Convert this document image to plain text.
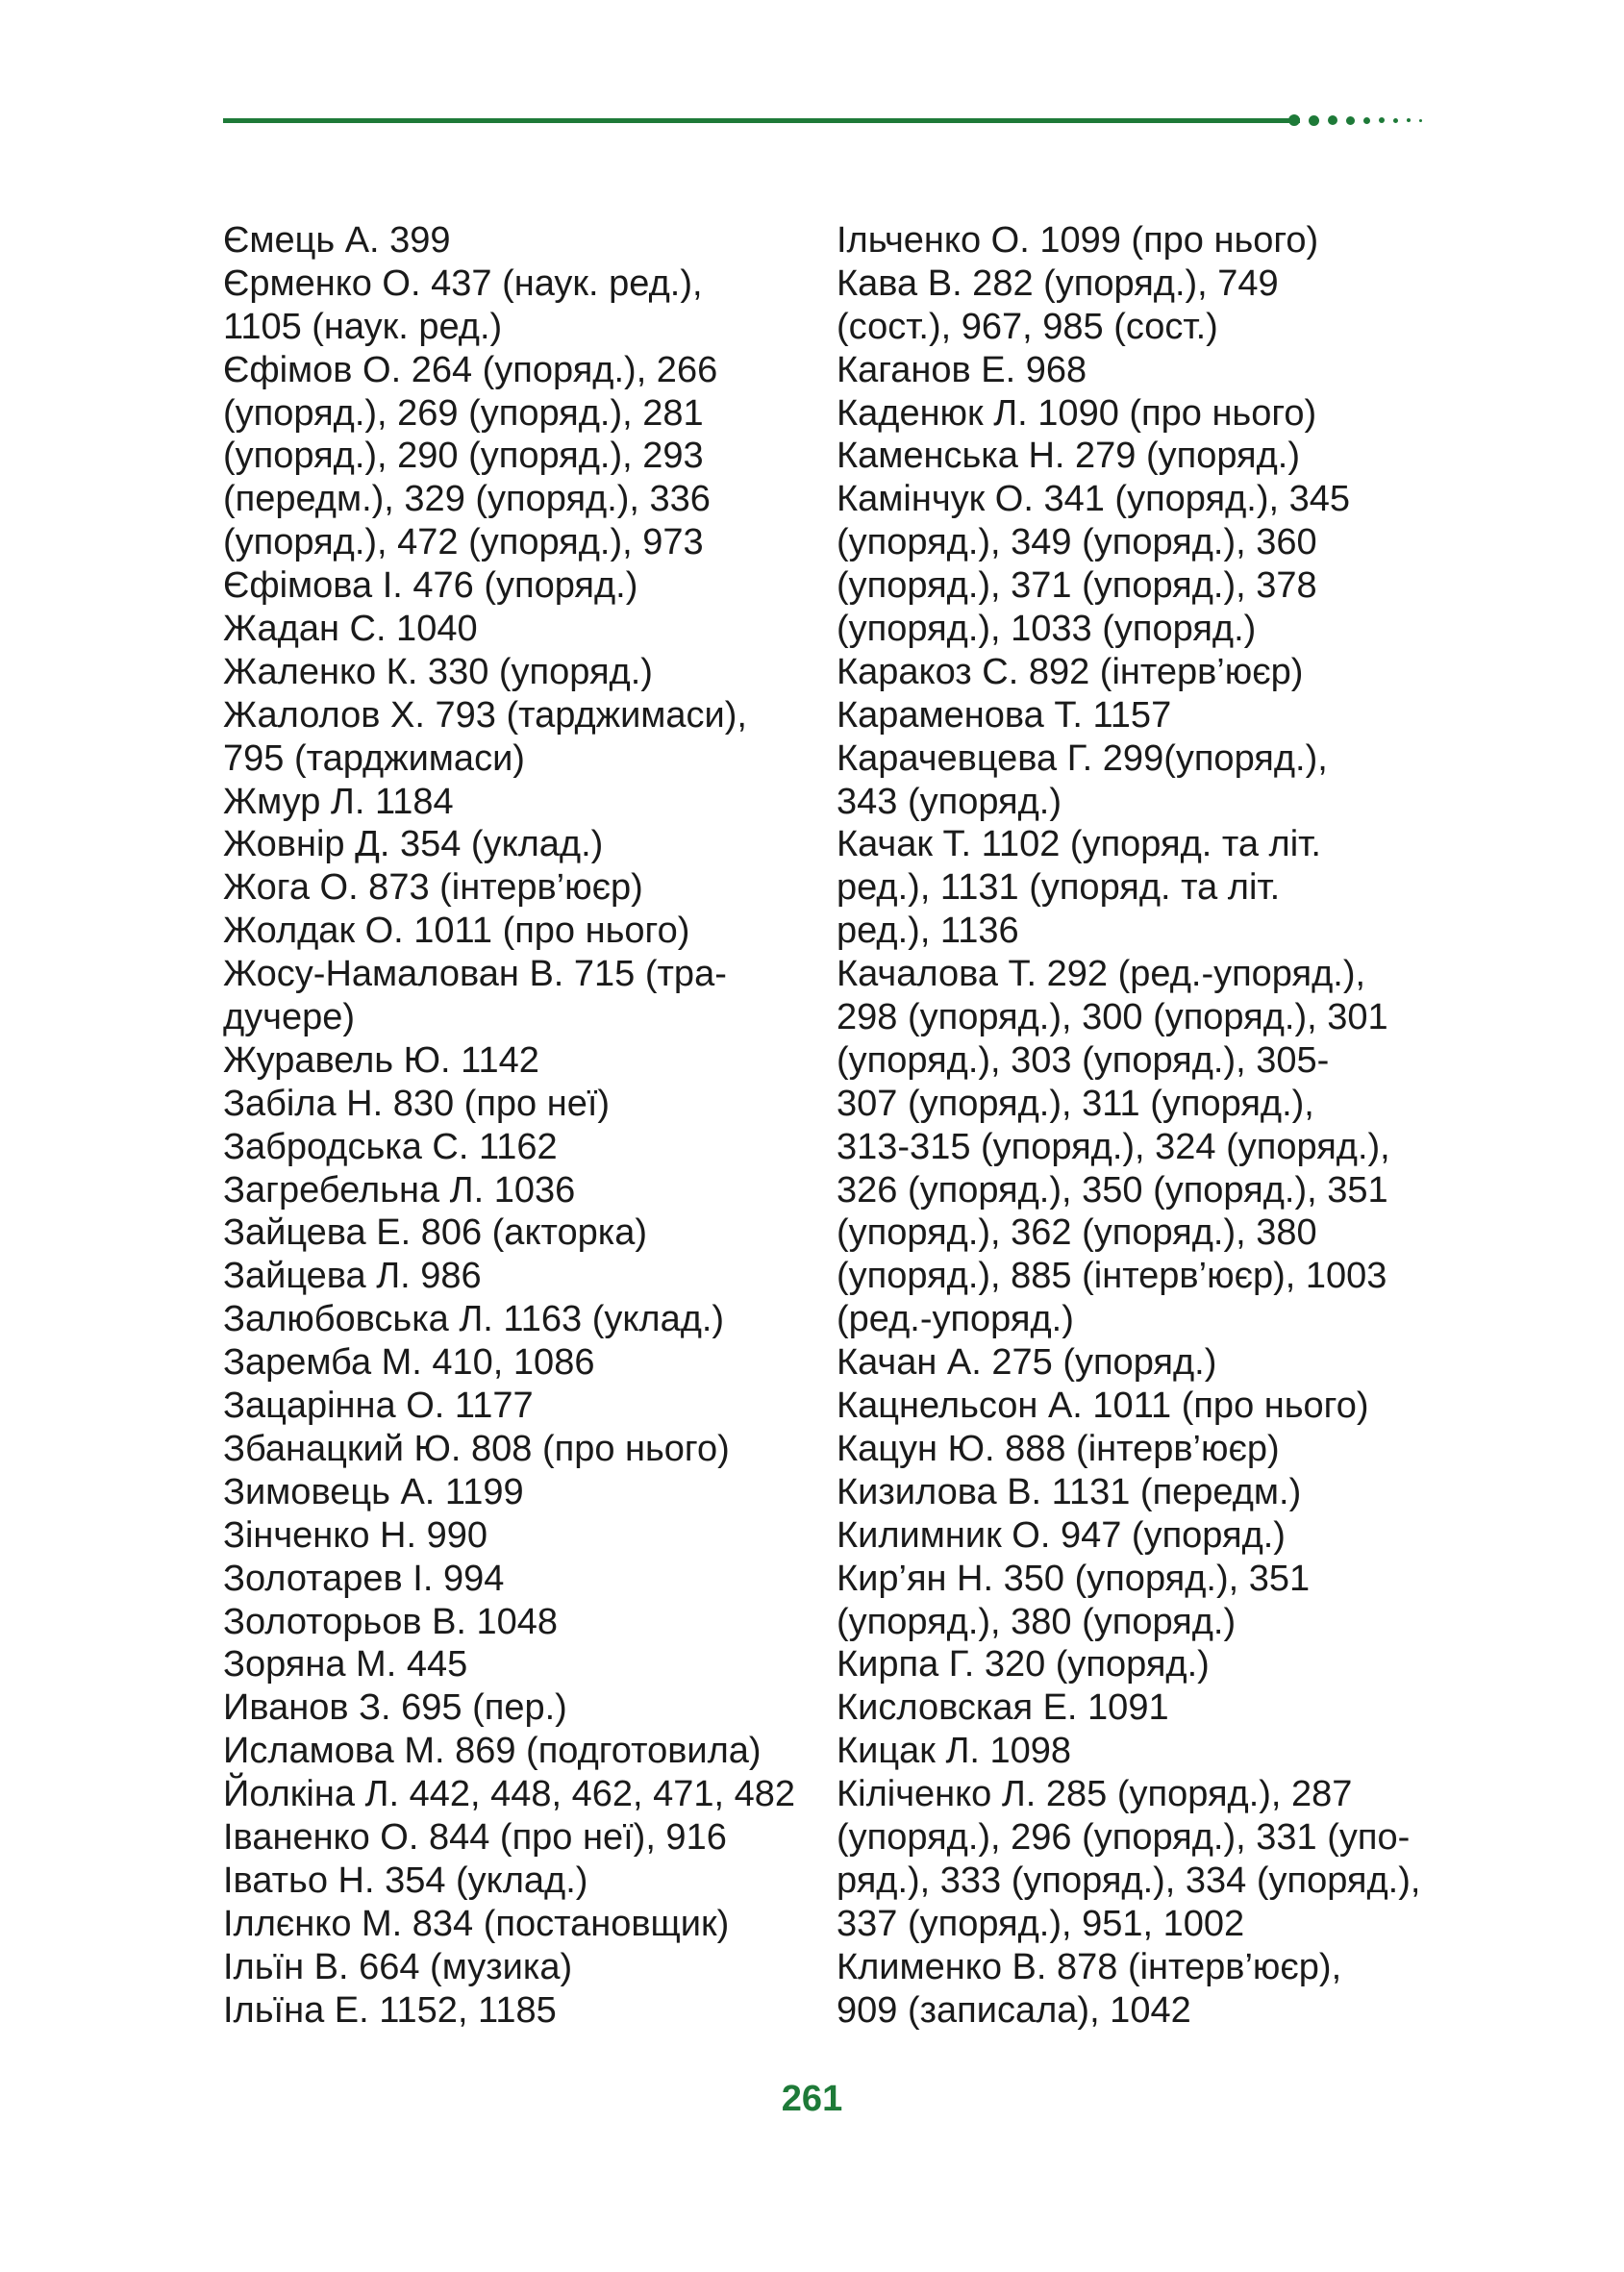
Ємець А. 399
Єрменко О. 437 (наук. ред.),
1105 (наук. ред.)
Єфімов О. 264 (упоряд.), 266
(упоряд.), 269 (упоряд.), 281
(упоряд.), 290 (упоряд.), 293
(передм.), 329 (упоряд.), 336
(упоряд.), 472 (упоряд.), 973
Єфімова І. 476 (упоряд.)
Жадан С. 1040
Жаленко К. 330 (упоряд.)
Жалолов Х. 793 (тарджимаси),
795 (тарджимаси)
Жмур Л. 1184
Жовнір Д. 354 (уклад.)
Жога О. 873 (інтерв’юєр)
Жолдак О. 1011 (про нього)
Жосу-Намалован В. 715 (тра-
дучере)
Журавель Ю. 1142
Забіла Н. 830 (про неї)
Забродська С. 1162
Загребельна Л. 1036
Зайцева Е. 806 (акторка)
Зайцева Л. 986
Залюбовська Л. 1163 (уклад.)
Заремба М. 410, 1086
Зацарінна О. 1177
Збанацкий Ю. 808 (про нього)
Зимовець А. 1199
Зінченко Н. 990
Золотарев І. 994
Золоторьов В. 1048
Зоряна М. 445
Иванов З. 695 (пер.)
Исламова М. 869 (подготовила)
Йолкіна Л. 442, 448, 462, 471, 482
Іваненко О. 844 (про неї), 916
Іватьо Н. 354 (уклад.)
Іллєнко М. 834 (постановщик)
Ільїн В. 664 (музика)
Ільїна Е. 1152, 1185
Ільченко О. 1099 (про нього)
Кава В. 282 (упоряд.), 749
(сост.), 967, 985 (сост.)
Каганов Е. 968
Каденюк Л. 1090 (про нього)
Каменська Н. 279 (упоряд.)
Камінчук О. 341 (упоряд.), 345
(упоряд.), 349 (упоряд.), 360
(упоряд.), 371 (упоряд.), 378
(упоряд.), 1033 (упоряд.)
Каракоз С. 892 (інтерв’юєр)
Караменова Т. 1157
Карачевцева Г. 299(упоряд.),
343 (упоряд.)
Качак Т. 1102 (упоряд. та літ.
ред.), 1131 (упоряд. та літ.
ред.), 1136
Качалова Т. 292 (ред.-упоряд.),
298 (упоряд.), 300 (упоряд.), 301
(упоряд.), 303 (упоряд.), 305-
307 (упоряд.), 311 (упоряд.),
313-315 (упоряд.), 324 (упоряд.),
326 (упоряд.), 350 (упоряд.), 351
(упоряд.), 362 (упоряд.), 380
(упоряд.), 885 (інтерв’юєр), 1003
(ред.-упоряд.)
Качан А. 275 (упоряд.)
Кацнельсон А. 1011 (про нього)
Кацун Ю. 888 (інтерв’юєр)
Кизилова В. 1131 (передм.)
Килимник О. 947 (упоряд.)
Кир’ян Н. 350 (упоряд.), 351
(упоряд.), 380 (упоряд.)
Кирпа Г. 320 (упоряд.)
Кисловская Е. 1091
Кицак Л. 1098
Кіліченко Л. 285 (упоряд.), 287
(упоряд.), 296 (упоряд.), 331 (упо-
ряд.), 333 (упоряд.), 334 (упоряд.),
337 (упоряд.), 951, 1002
Клименко В. 878 (інтерв’юєр),
909 (записала), 1042
261
